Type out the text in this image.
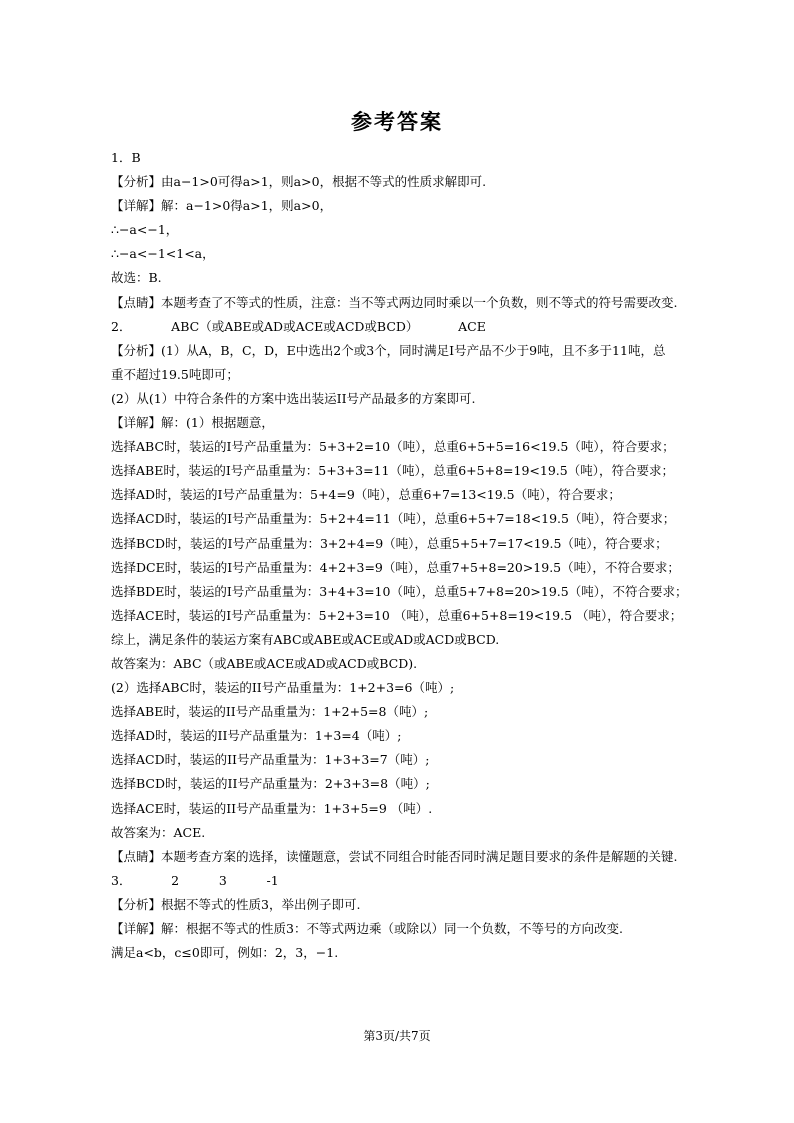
参考答案
1．B
【分析】由a−1>0可得a>1，则a>0，根据不等式的性质求解即可.
【详解】解：a−1>0得a>1，则a>0，
∴−a<−1，
∴−a<−1<1<a，
故选：B.
【点睛】本题考查了不等式的性质，注意：当不等式两边同时乘以一个负数，则不等式的符号需要改变.
2．          ABC（或ABE或AD或ACE或ACD或BCD）          ACE
【分析】(1）从A，B，C，D，E中选出2个或3个，同时满足I号产品不少于9吨，且不多于11吨，总
重不超过19.5吨即可；
(2）从(1）中符合条件的方案中选出装运II号产品最多的方案即可.
【详解】解：(1）根据题意，
选择ABC时，装运的I号产品重量为：5+3+2=10（吨），总重6+5+5=16<19.5（吨），符合要求；
选择ABE时，装运的I号产品重量为：5+3+3=11（吨），总重6+5+8=19<19.5（吨），符合要求；
选择AD时，装运的I号产品重量为：5+4=9（吨），总重6+7=13<19.5（吨），符合要求；
选择ACD时，装运的I号产品重量为：5+2+4=11（吨），总重6+5+7=18<19.5（吨），符合要求；
选择BCD时，装运的I号产品重量为：3+2+4=9（吨），总重5+5+7=17<19.5（吨），符合要求；
选择DCE时，装运的I号产品重量为：4+2+3=9（吨），总重7+5+8=20>19.5（吨），不符合要求；
选择BDE时，装运的I号产品重量为：3+4+3=10（吨），总重5+7+8=20>19.5（吨），不符合要求；
选择ACE时，装运的I号产品重量为：5+2+3=10 （吨），总重6+5+8=19<19.5 （吨），符合要求；
综上，满足条件的装运方案有ABC或ABE或ACE或AD或ACD或BCD.
故答案为：ABC（或ABE或ACE或AD或ACD或BCD).
(2）选择ABC时，装运的II号产品重量为：1+2+3=6（吨）;
选择ABE时，装运的II号产品重量为：1+2+5=8（吨）;
选择AD时，装运的II号产品重量为：1+3=4（吨）;
选择ACD时，装运的II号产品重量为：1+3+3=7（吨）;
选择BCD时，装运的II号产品重量为：2+3+3=8（吨）;
选择ACE时，装运的II号产品重量为：1+3+5=9 （吨）.
故答案为：ACE.
【点睛】本题考查方案的选择，读懂题意，尝试不同组合时能否同时满足题目要求的条件是解题的关键.
3．          2          3          -1
【分析】根据不等式的性质3，举出例子即可.
【详解】解：根据不等式的性质3：不等式两边乘（或除以）同一个负数，不等号的方向改变.
满足a<b，c≤0即可，例如：2，3，−1.
第3页/共7页
